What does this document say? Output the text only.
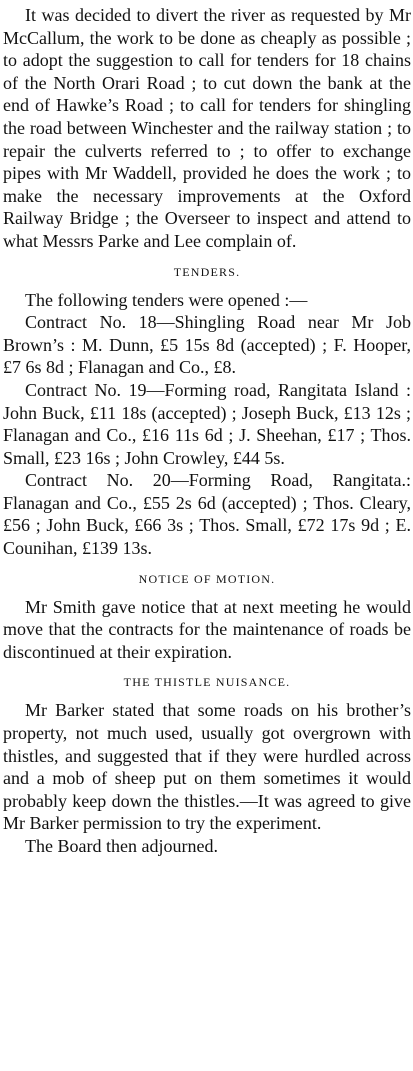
It was decided to divert the river as requested by Mr McCallum, the work to be done as cheaply as possible ; to adopt the suggestion to call for tenders for 18 chains of the North Orari Road ; to cut down the bank at the end of Hawke’s Road ; to call for tenders for shingling the road between Winchester and the railway station ; to repair the culverts referred to ; to offer to exchange pipes with Mr Waddell, provided he does the work ; to make the necessary improvements at the Oxford Railway Bridge ; the Overseer to inspect and attend to what Messrs Parke and Lee complain of.

TENDERS.

The following tenders were opened :—

Contract No. 18—Shingling Road near Mr Job Brown’s : M. Dunn, £5 15s 8d (accepted) ; F. Hooper, £7 6s 8d ; Flanagan and Co., £8.

Contract No. 19—Forming road, Rangitata Island : John Buck, £11 18s (accepted) ; Joseph Buck, £13 12s ; Flanagan and Co., £16 11s 6d ; J. Sheehan, £17 ; Thos. Small, £23 16s ; John Crowley, £44 5s.

Contract No. 20—Forming Road, Rangitata.: Flanagan and Co., £55 2s 6d (accepted) ; Thos. Cleary, £56 ; John Buck, £66 3s ; Thos. Small, £72 17s 9d ; E. Counihan, £139 13s.

NOTICE OF MOTION.

Mr Smith gave notice that at next meeting he would move that the contracts for the maintenance of roads be discontinued at their expiration.

THE THISTLE NUISANCE.

Mr Barker stated that some roads on his brother’s property, not much used, usually got overgrown with thistles, and suggested that if they were hurdled across and a mob of sheep put on them sometimes it would probably keep down the thistles.—It was agreed to give Mr Barker permission to try the experiment.

The Board then adjourned.
